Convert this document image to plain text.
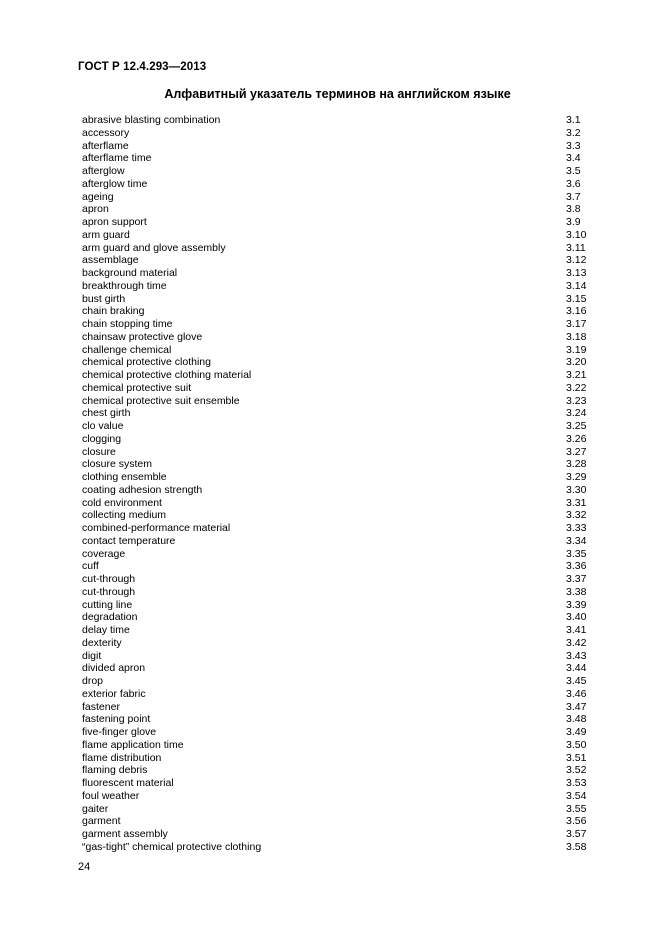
ГОСТ Р 12.4.293—2013
Алфавитный указатель терминов на английском языке
abrasive blasting combination	3.1
accessory	3.2
afterflame	3.3
afterflame time	3.4
afterglow	3.5
afterglow time	3.6
ageing	3.7
apron	3.8
apron support	3.9
arm guard	3.10
arm guard and glove assembly	3.11
assemblage	3.12
background material	3.13
breakthrough time	3.14
bust girth	3.15
chain braking	3.16
chain stopping time	3.17
chainsaw protective glove	3.18
challenge chemical	3.19
chemical protective clothing	3.20
chemical protective clothing material	3.21
chemical protective suit	3.22
chemical protective suit ensemble	3.23
chest girth	3.24
clo value	3.25
clogging	3.26
closure	3.27
closure system	3.28
clothing ensemble	3.29
coating adhesion strength	3.30
cold environment	3.31
collecting medium	3.32
combined-performance material	3.33
contact temperature	3.34
coverage	3.35
cuff	3.36
cut-through	3.37
cut-through	3.38
cutting line	3.39
degradation	3.40
delay time	3.41
dexterity	3.42
digit	3.43
divided apron	3.44
drop	3.45
exterior fabric	3.46
fastener	3.47
fastening point	3.48
five-finger glove	3.49
flame application time	3.50
flame distribution	3.51
flaming debris	3.52
fluorescent material	3.53
foul weather	3.54
gaiter	3.55
garment	3.56
garment assembly	3.57
“gas-tight” chemical protective clothing	3.58
24
